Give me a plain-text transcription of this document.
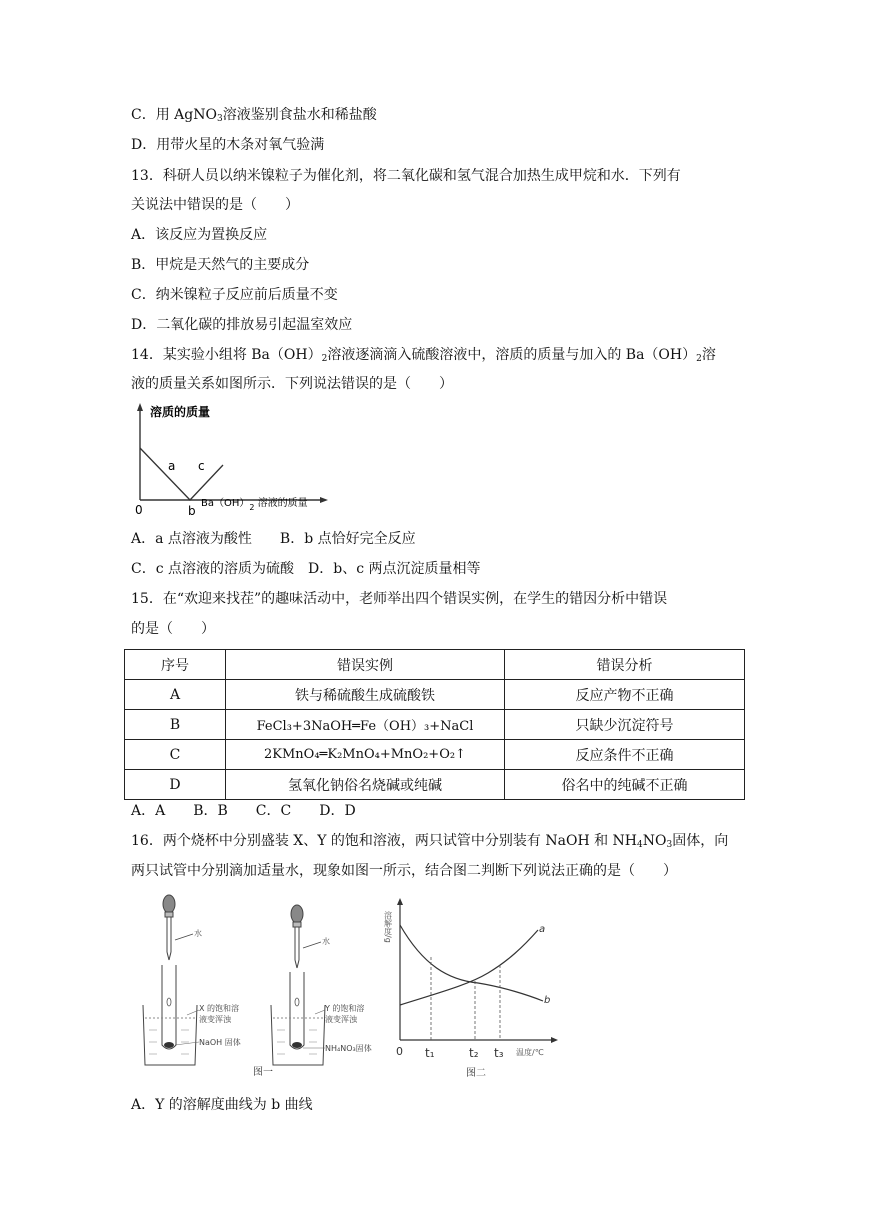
C．用 AgNO$_3$溶液鉴别食盐水和稀盐酸
D．用带火星的木条对氧气验满
13．科研人员以纳米镍粒子为催化剂，将二氧化碳和氢气混合加热生成甲烷和水．下列有
关说法中错误的是（　　）
A．该反应为置换反应
B．甲烷是天然气的主要成分
C．纳米镍粒子反应前后质量不变
D．二氧化碳的排放易引起温室效应
14．某实验小组将 $Ba(OH)_2$溶液逐滴滴入硫酸溶液中，溶质的质量与加入的 $Ba(OH)_2$溶
液的质量关系如图所示．下列说法错误的是（　　）
溶质的质量
a c
b
0	$Ba(OH)_2$ 溶液的质量
A．a 点溶液为酸性　　B．b 点恰好完全反应
C．c 点溶液的溶质为硫酸　D．b、c 两点沉淀质量相等
15．在“欢迎来找茬”的趣味活动中，老师举出四个错误实例，在学生的错因分析中错误
的是（　　）
序号	错误实例	错误分析
A	铁与稀硫酸生成硫酸铁	反应产物不正确
B	FeCl₃+3NaOH═Fe（OH）₃+NaCl	只缺少沉淀符号
C	2KMnO₄═K₂MnO₄+MnO₂+O₂↑	反应条件不正确
D	氢氧化钠俗名烧碱或纯碱	俗名中的纯碱不正确
A．A　　B．B　　C．C　　D．D
16．两个烧杯中分别盛装 X、Y 的饱和溶液，两只试管中分别装有 NaOH 和 $NH_4NO_3$固体，向
两只试管中分别滴加适量水，现象如图一所示，结合图二判断下列说法正确的是（　　）
水
X 的饱和溶
液变浑浊
NaOH 固体
水
Y 的饱和溶
液变浑浊
NH₄NO₃固体
图一
溶解度/g	a
b
0 t₁	t₂ t₃ 温度/℃
图二
A．Y 的溶解度曲线为 b 曲线
